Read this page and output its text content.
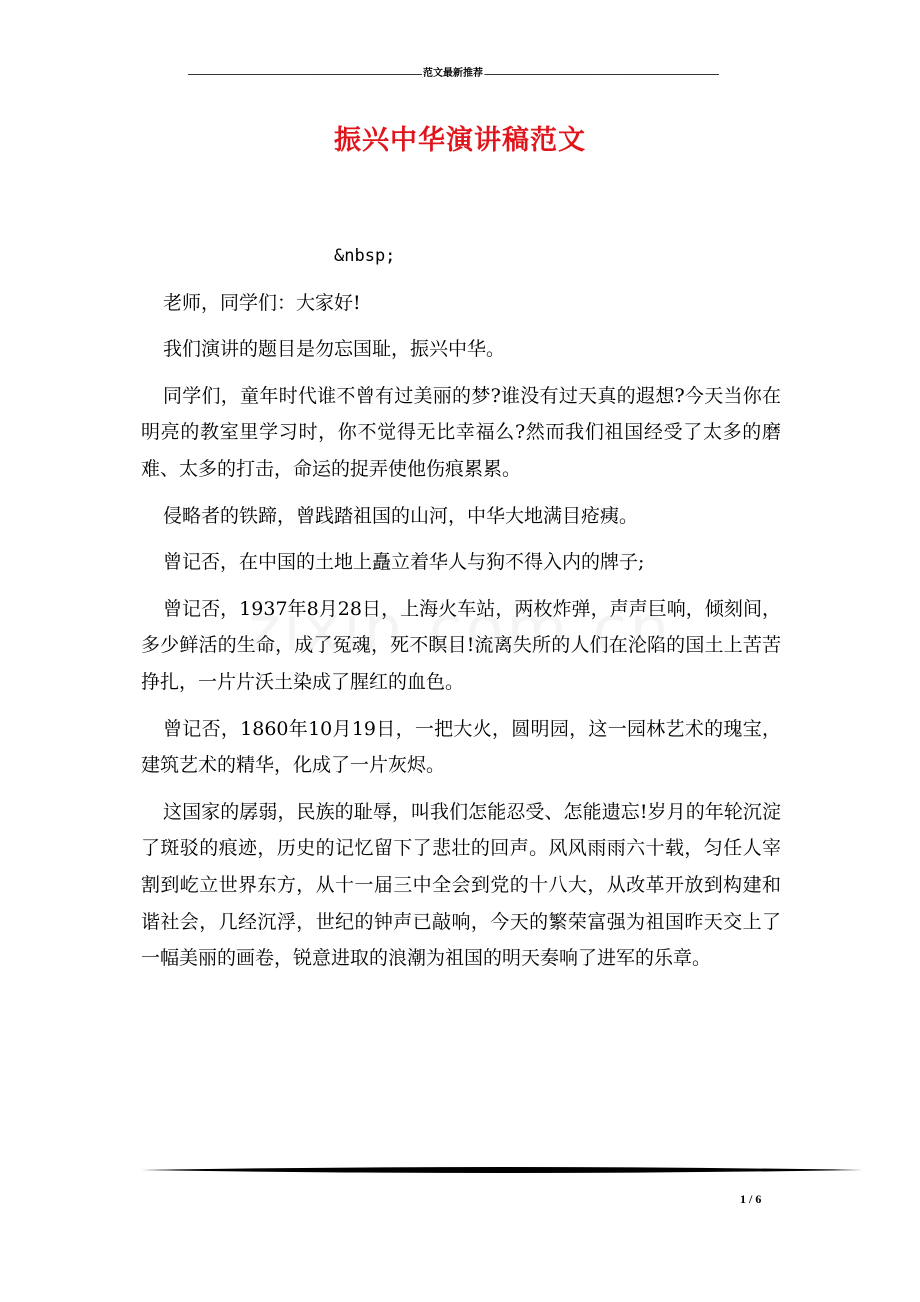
---------------------------------------------------------------------------------------- 范文最新推荐 ----------------------------------------------------------------------------------------
振兴中华演讲稿范文

&nbsp;

老师，同学们：大家好!

我们演讲的题目是勿忘国耻，振兴中华。

同学们，童年时代谁不曾有过美丽的梦?谁没有过天真的遐想?今天当你在明亮的教室里学习时，你不觉得无比幸福么?然而我们祖国经受了太多的磨难、太多的打击，命运的捉弄使他伤痕累累。

侵略者的铁蹄，曾践踏祖国的山河，中华大地满目疮痍。

曾记否，在中国的土地上矗立着华人与狗不得入内的牌子;

曾记否，1937年8月28日，上海火车站，两枚炸弹，声声巨响，倾刻间，多少鲜活的生命，成了冤魂，死不瞑目!流离失所的人们在沦陷的国土上苦苦挣扎，一片片沃土染成了腥红的血色。

曾记否，1860年10月19日，一把大火，圆明园，这一园林艺术的瑰宝，建筑艺术的精华，化成了一片灰烬。

这国家的孱弱，民族的耻辱，叫我们怎能忍受、怎能遗忘!岁月的年轮沉淀了斑驳的痕迹，历史的记忆留下了悲壮的回声。风风雨雨六十载，匀任人宰割到屹立世界东方，从十一届三中全会到党的十八大，从改革开放到构建和谐社会，几经沉浮，世纪的钟声已敲响，今天的繁荣富强为祖国昨天交上了一幅美丽的画卷，锐意进取的浪潮为祖国的明天奏响了进军的乐章。

1 / 6
